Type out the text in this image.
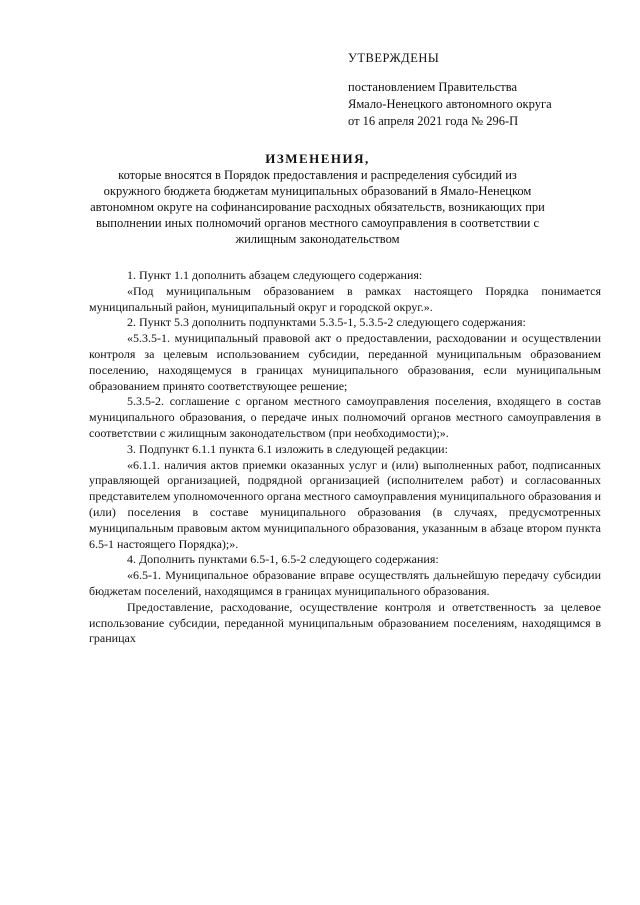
УТВЕРЖДЕНЫ
постановлением Правительства
Ямало-Ненецкого автономного округа
от 16 апреля 2021 года № 296-П
ИЗМЕНЕНИЯ,
которые вносятся в Порядок предоставления и распределения субсидий из окружного бюджета бюджетам муниципальных образований в Ямало-Ненецком автономном округе на софинансирование расходных обязательств, возникающих при выполнении иных полномочий органов местного самоуправления в соответствии с жилищным законодательством

1. Пункт 1.1 дополнить абзацем следующего содержания:

«Под муниципальным образованием в рамках настоящего Порядка понимается муниципальный район, муниципальный округ и городской округ.».

2. Пункт 5.3 дополнить подпунктами 5.3.5-1, 5.3.5-2 следующего содержания:

«5.3.5-1. муниципальный правовой акт о предоставлении, расходовании и осуществлении контроля за целевым использованием субсидии, переданной муниципальным образованием поселению, находящемуся в границах муниципального образования, если муниципальным образованием принято соответствующее решение;

5.3.5-2. соглашение с органом местного самоуправления поселения, входящего в состав муниципального образования, о передаче иных полномочий органов местного самоуправления в соответствии с жилищным законодательством (при необходимости);».

3. Подпункт 6.1.1 пункта 6.1 изложить в следующей редакции:

«6.1.1. наличия актов приемки оказанных услуг и (или) выполненных работ, подписанных управляющей организацией, подрядной организацией (исполнителем работ) и согласованных представителем уполномоченного органа местного самоуправления муниципального образования и (или) поселения в составе муниципального образования (в случаях, предусмотренных муниципальным правовым актом муниципального образования, указанным в абзаце втором пункта 6.5-1 настоящего Порядка);».

4. Дополнить пунктами 6.5-1, 6.5-2 следующего содержания:

«6.5-1. Муниципальное образование вправе осуществлять дальнейшую передачу субсидии бюджетам поселений, находящимся в границах муниципального образования.

Предоставление, расходование, осуществление контроля и ответственность за целевое использование субсидии, переданной муниципальным образованием поселениям, находящимся в границах
